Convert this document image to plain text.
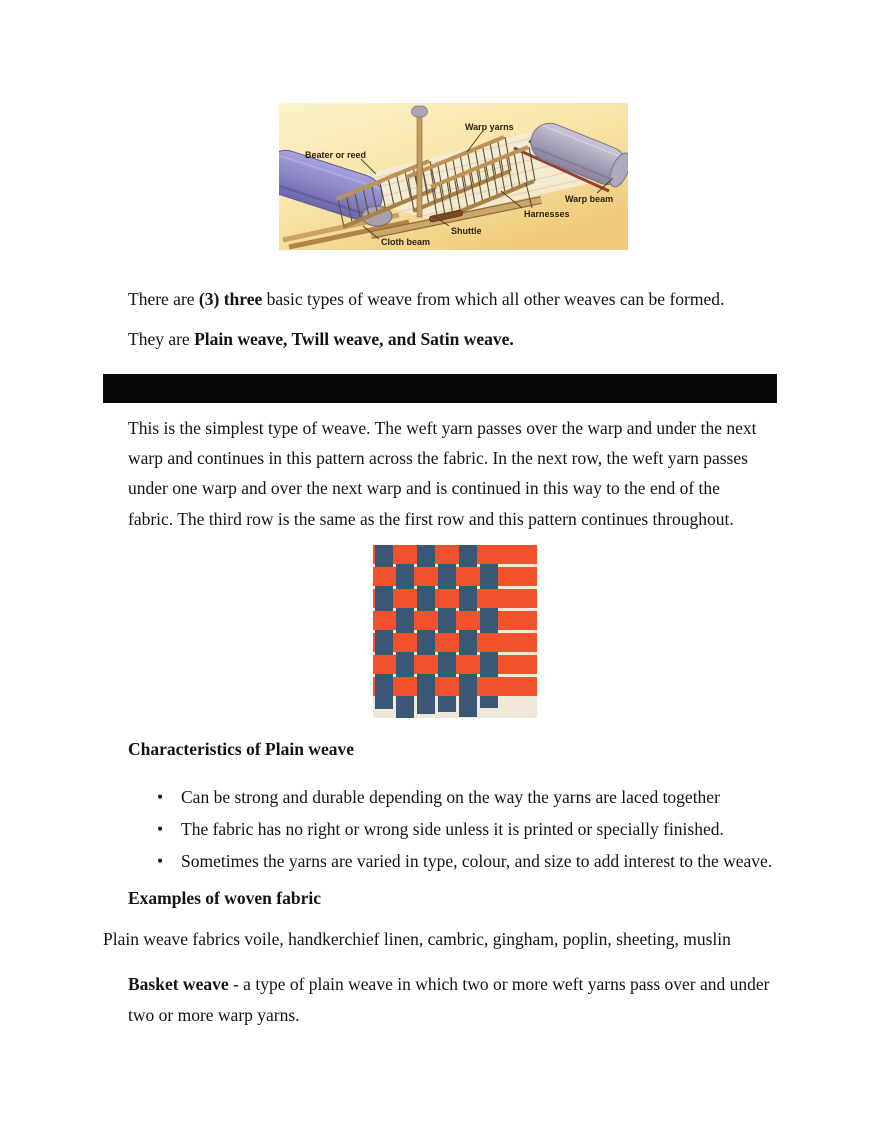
Beater or reed
Warp yarns
Warp beam
Harnesses
Shuttle
Cloth beam

There are (3) three basic types of weave from which all other weaves can be formed. They are Plain weave, Twill weave, and Satin weave.

This is the simplest type of weave. The weft yarn passes over the warp and under the next warp and continues in this pattern across the fabric. In the next row, the weft yarn passes under one warp and over the next warp and is continued in this way to the end of the fabric. The third row is the same as the first row and this pattern continues throughout.

Characteristics of Plain weave
• Can be strong and durable depending on the way the yarns are laced together
• The fabric has no right or wrong side unless it is printed or specially finished.
• Sometimes the yarns are varied in type, colour, and size to add interest to the weave.
Examples of woven fabric

Plain weave fabrics voile, handkerchief linen, cambric, gingham, poplin, sheeting, muslin

Basket weave - a type of plain weave in which two or more weft yarns pass over and under two or more warp yarns.
